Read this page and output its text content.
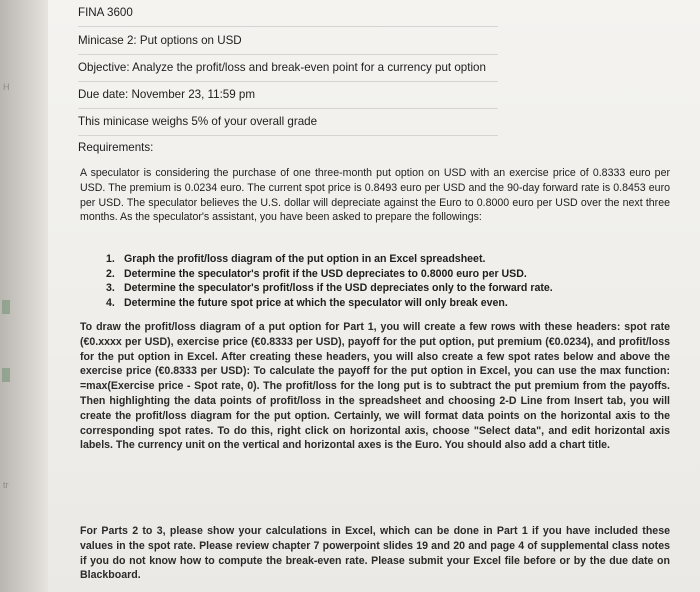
H
tr
FINA 3600
Minicase 2: Put options on USD
Objective: Analyze the profit/loss and break-even point for a currency put option
Due date: November 23, 11:59 pm
This minicase weighs 5% of your overall grade
Requirements:
A speculator is considering the purchase of one three-month put option on USD with an exercise price of 0.8333 euro per USD. The premium is 0.0234 euro. The current spot price is 0.8493 euro per USD and the 90-day forward rate is 0.8453 euro per USD. The speculator believes the U.S. dollar will depreciate against the Euro to 0.8000 euro per USD over the next three months. As the speculator's assistant, you have been asked to prepare the followings:
1. Graph the profit/loss diagram of the put option in an Excel spreadsheet.
2. Determine the speculator's profit if the USD depreciates to 0.8000 euro per USD.
3. Determine the speculator's profit/loss if the USD depreciates only to the forward rate.
4. Determine the future spot price at which the speculator will only break even.
To draw the profit/loss diagram of a put option for Part 1, you will create a few rows with these headers: spot rate (€0.xxxx per USD), exercise price (€0.8333 per USD), payoff for the put option, put premium (€0.0234), and profit/loss for the put option in Excel. After creating these headers, you will also create a few spot rates below and above the exercise price (€0.8333 per USD): To calculate the payoff for the put option in Excel, you can use the max function: =max(Exercise price - Spot rate, 0). The profit/loss for the long put is to subtract the put premium from the payoffs. Then highlighting the data points of profit/loss in the spreadsheet and choosing 2-D Line from Insert tab, you will create the profit/loss diagram for the put option. Certainly, we will format data points on the horizontal axis to the corresponding spot rates. To do this, right click on horizontal axis, choose "Select data", and edit horizontal axis labels. The currency unit on the vertical and horizontal axes is the Euro. You should also add a chart title.
For Parts 2 to 3, please show your calculations in Excel, which can be done in Part 1 if you have included these values in the spot rate. Please review chapter 7 powerpoint slides 19 and 20 and page 4 of supplemental class notes if you do not know how to compute the break-even rate. Please submit your Excel file before or by the due date on Blackboard.
